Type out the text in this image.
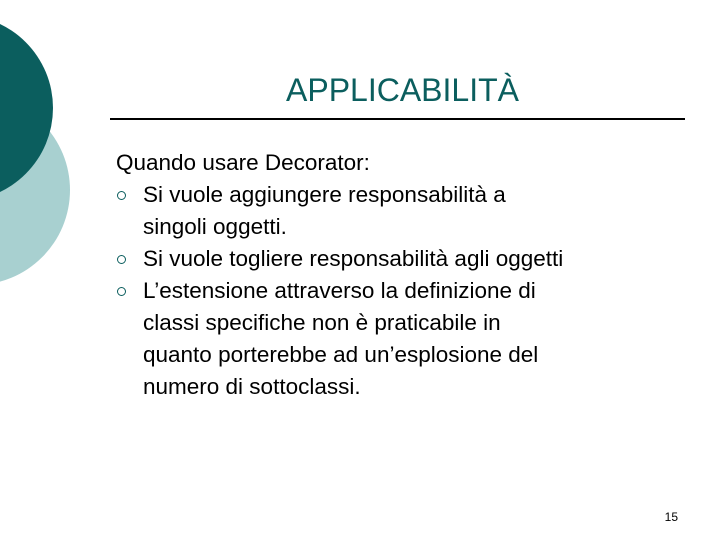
APPLICABILITÀ
Quando usare Decorator:
Si vuole aggiungere responsabilità a
singoli oggetti.
Si vuole togliere responsabilità agli oggetti
L’estensione attraverso la definizione di
classi specifiche non è praticabile in
quanto porterebbe ad un’esplosione del
numero di sottoclassi.
15
